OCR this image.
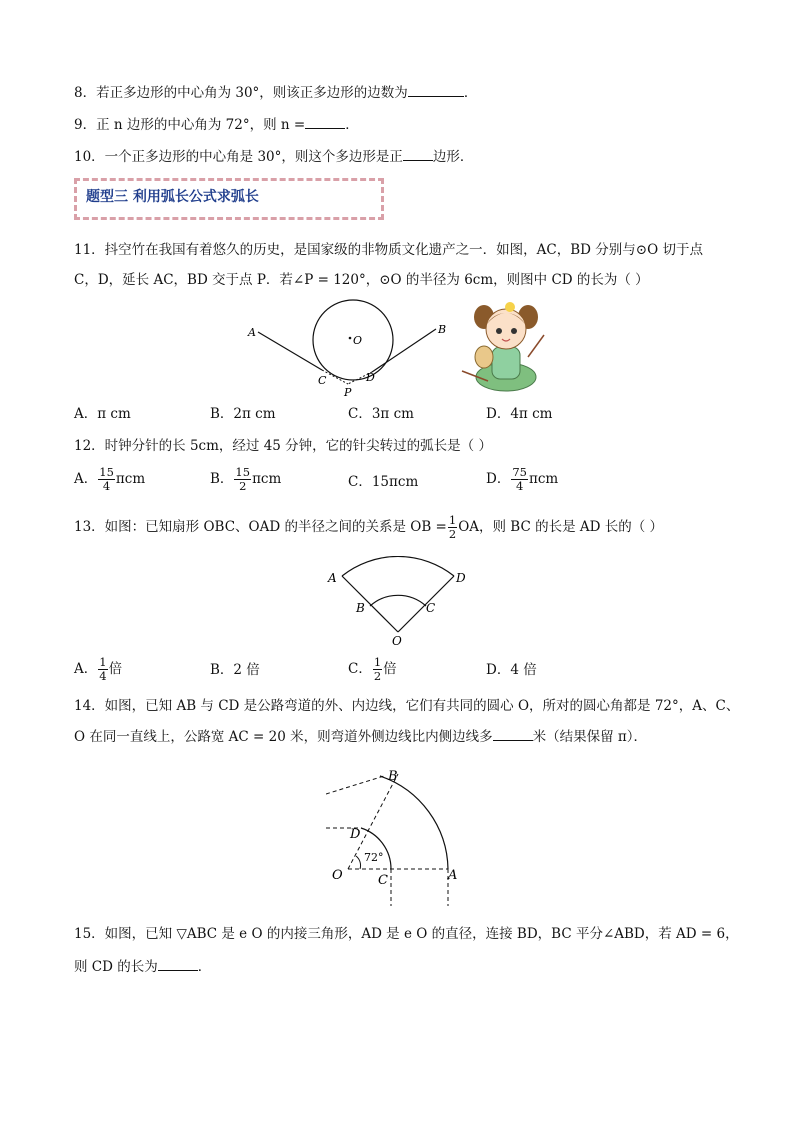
8．若正多边形的中心角为 30°，则该正多边形的边数为	．
9．正 n 边形的中心角为 72°，则 n =	．
10．一个正多边形的中心角是 30°，则这个多边形是正 边形．
题型三 利用弧长公式求弧长
11．抖空竹在我国有着悠久的历史，是国家级的非物质文化遗产之一．如图，AC，BD 分别与⊙O 切于点
C，D，延长 AC，BD 交于点 P．若∠P = 120°，⊙O 的半径为 6cm，则图中 CD 的长为（ ）
O
A	B
C	D
P
A．π cm	B．2π cm	C．3π cm	D．4π cm
12．时钟分针的长 5cm，经过 45 分钟，它的针尖转过的弧长是（ ）
A． $\frac{15}{4}$ πcm	B． $\frac{15}{2}$ πcm	C．15πcm	D． $\frac{75}{4}$ πcm
13．如图：已知扇形 OBC、OAD 的半径之间的关系是 OB = $\frac{1}{2}$ OA，则 BC 的长是 AD 长的（ ）
A	D
B	C
O
A． $\frac{1}{4}$ 倍	B．2 倍	C． $\frac{1}{2}$ 倍	D．4 倍
14．如图，已知 AB 与 CD 是公路弯道的外、内边线，它们有共同的圆心 O，所对的圆心角都是 72°，A、C、
O 在同一直线上，公路宽 AC = 20 米，则弯道外侧边线比内侧边线多	米（结果保留 π）．
72°
O	C	A
D
B
15．如图，已知 ▽ABC 是 e O 的内接三角形，AD 是 e O 的直径，连接 BD，BC 平分∠ABD，若 AD = 6，
则 CD 的长为	．
